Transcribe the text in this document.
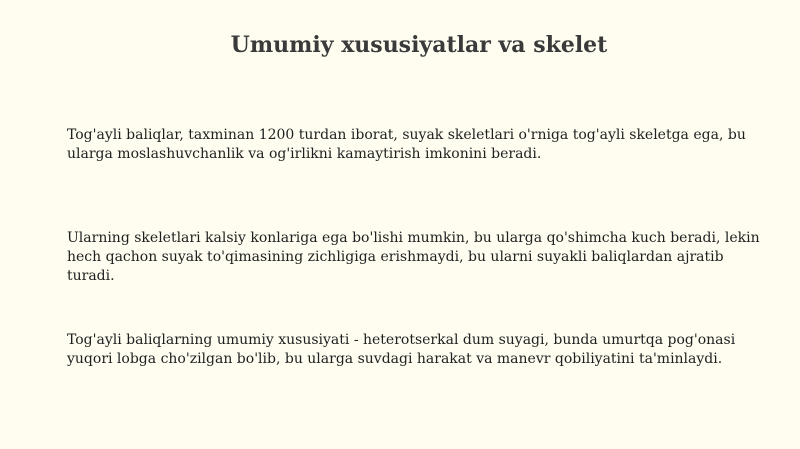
Umumiy xususiyatlar va skelet

Tog'ayli baliqlar, taxminan 1200 turdan iborat, suyak skeletlari o'rniga tog'ayli skeletga ega, bu ularga moslashuvchanlik va og'irlikni kamaytirish imkonini beradi.

Ularning skeletlari kalsiy konlariga ega bo'lishi mumkin, bu ularga qo'shimcha kuch beradi, lekin hech qachon suyak to'qimasining zichligiga erishmaydi, bu ularni suyakli baliqlardan ajratib turadi.

Tog'ayli baliqlarning umumiy xususiyati - heterotserkal dum suyagi, bunda umurtqa pog'onasi yuqori lobga cho'zilgan bo'lib, bu ularga suvdagi harakat va manevr qobiliyatini ta'minlaydi.
